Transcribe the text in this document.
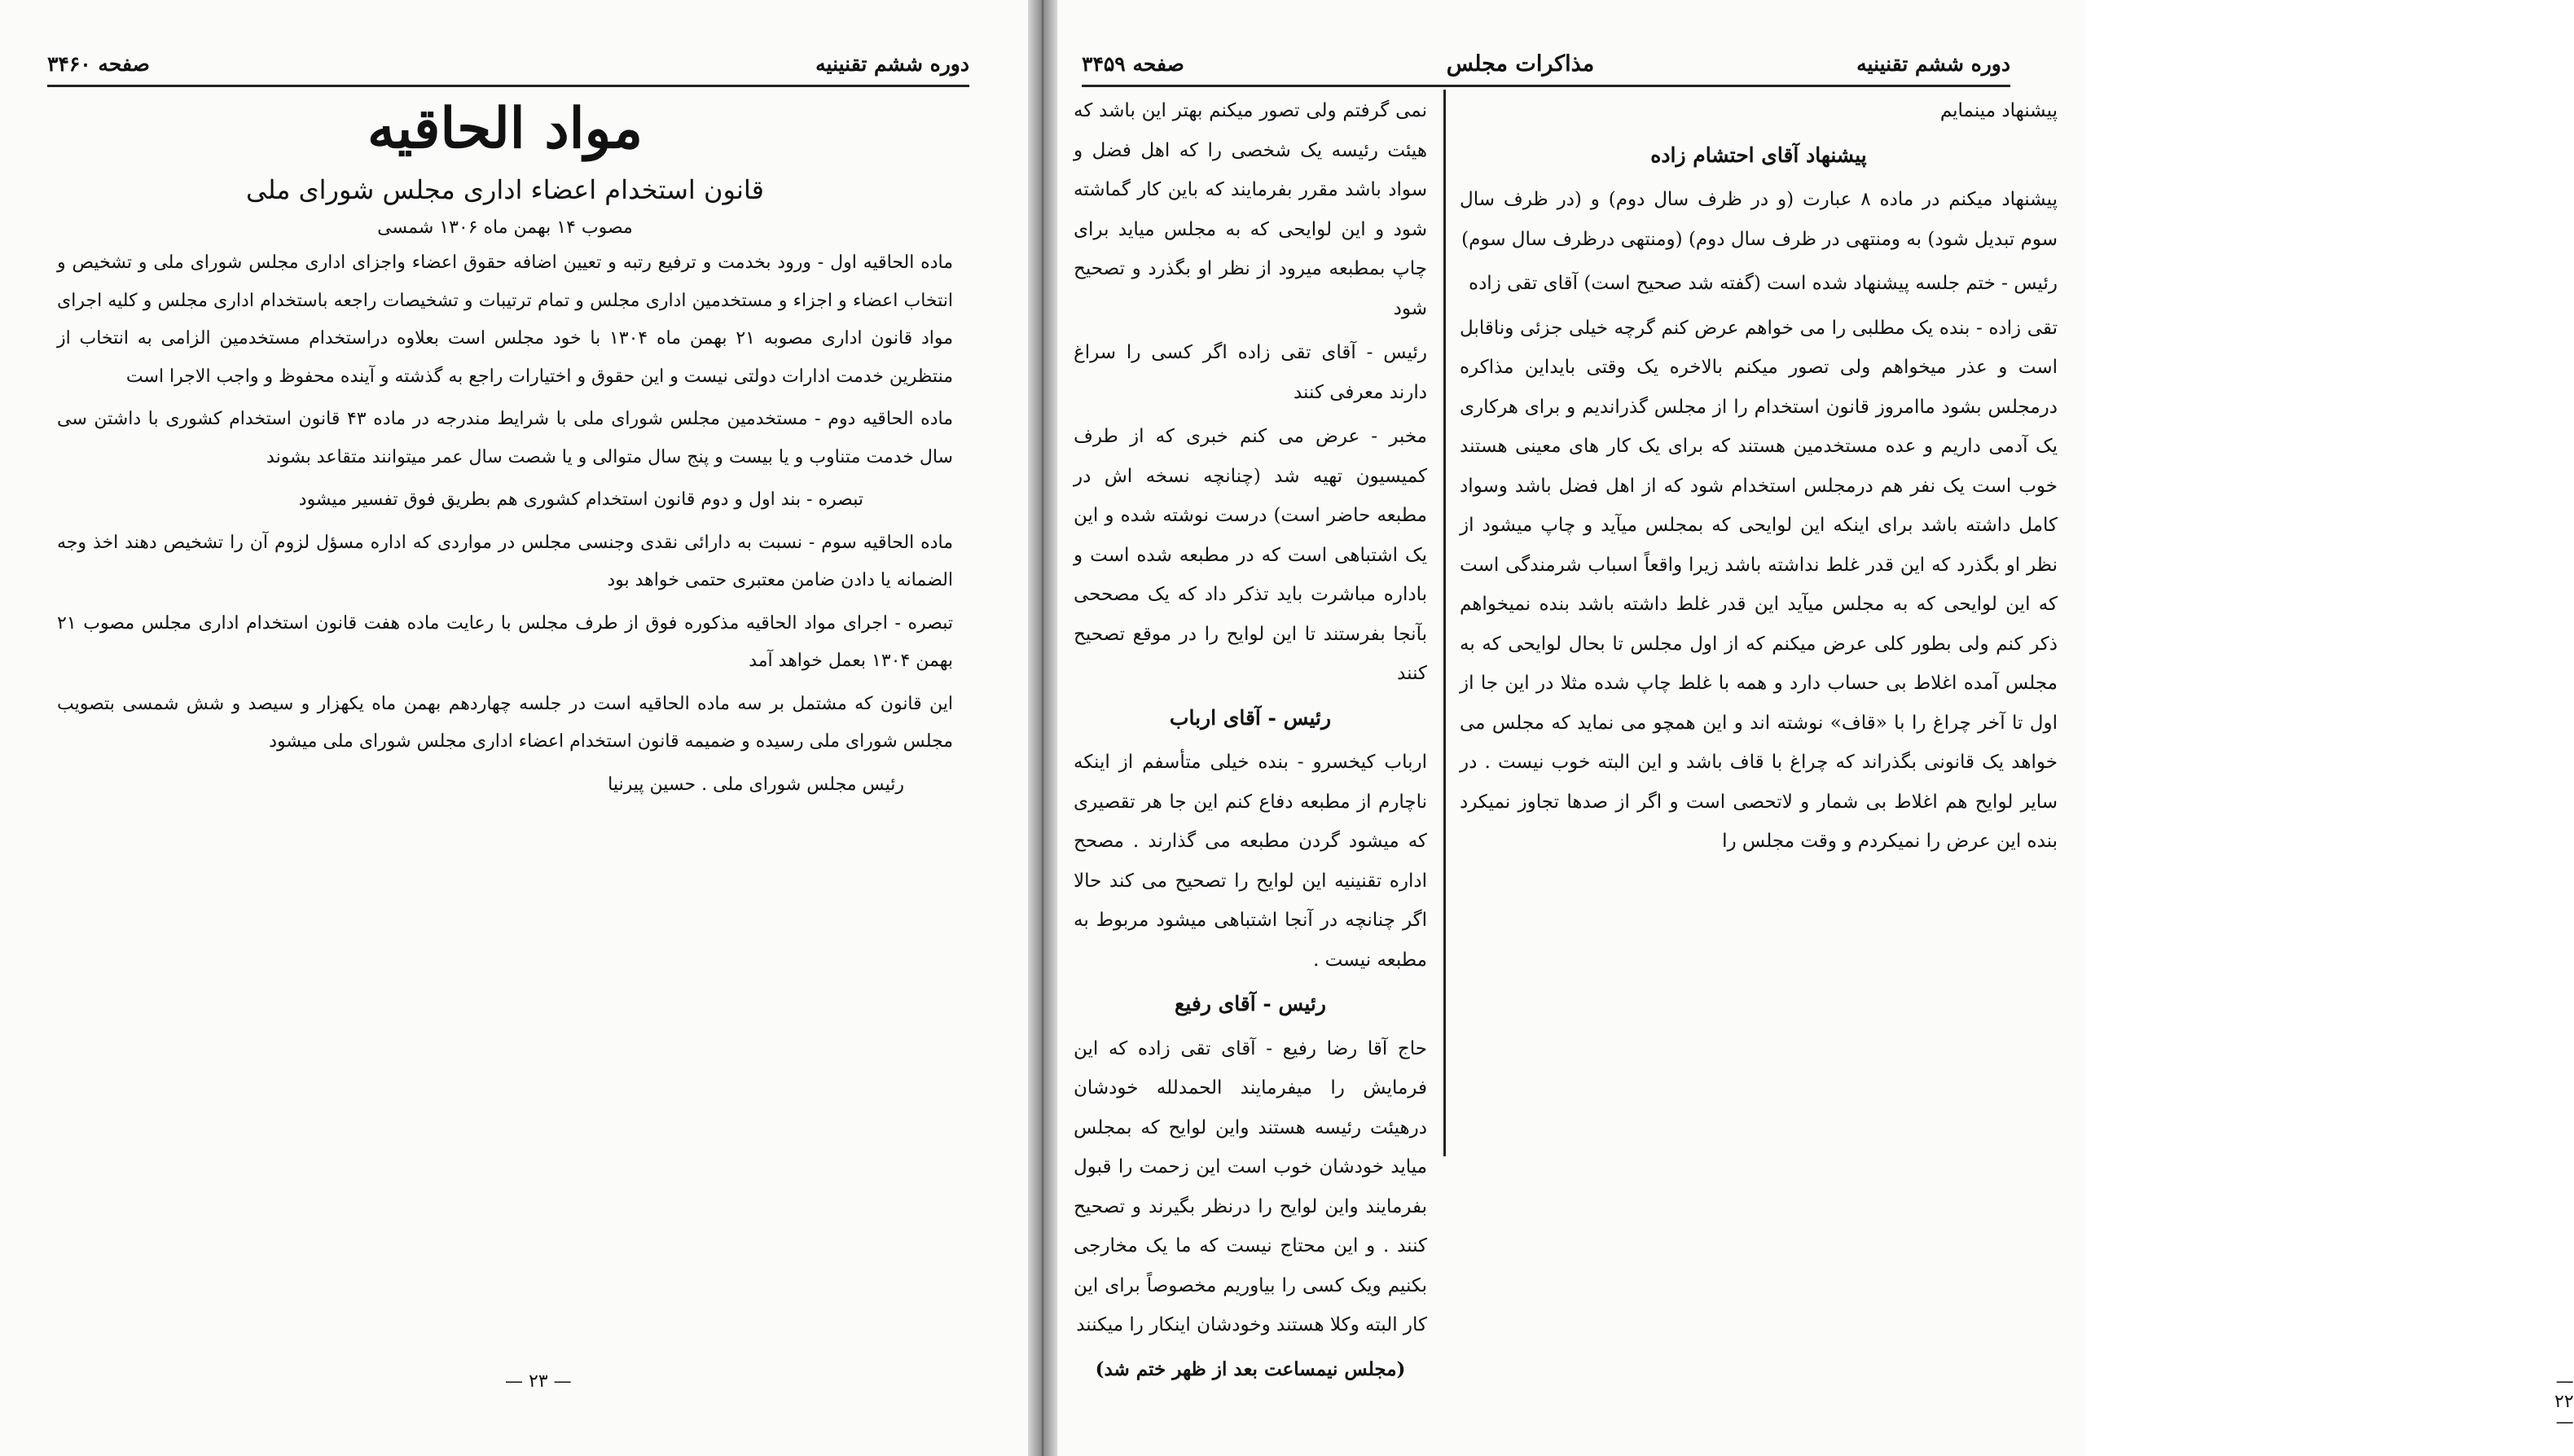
دوره ششم تقنینیه
صفحه ۳۴۶۰
مواد الحاقیه
قانون استخدام اعضاء اداری مجلس شورای ملی
مصوب ۱۴ بهمن ماه ۱۳۰۶ شمسی

ماده الحاقیه اول - ورود بخدمت و ترفیع رتبه و تعیین اضافه حقوق اعضاء واجزای اداری مجلس شورای ملی و تشخیص و انتخاب اعضاء و اجزاء و مستخدمین اداری مجلس و تمام ترتیبات و تشخیصات راجعه باستخدام اداری مجلس و کلیه اجرای مواد قانون اداری مصوبه ۲۱ بهمن ماه ۱۳۰۴ با خود مجلس است بعلاوه دراستخدام مستخدمین الزامی به انتخاب از منتظرین خدمت ادارات دولتی نیست و این حقوق و اختیارات راجع به گذشته و آینده محفوظ و واجب الاجرا است

ماده الحاقیه دوم - مستخدمین مجلس شورای ملی با شرایط مندرجه در ماده ۴۳ قانون استخدام کشوری با داشتن سی سال خدمت متناوب و یا بیست و پنج سال متوالی و یا شصت سال عمر میتوانند متقاعد بشوند

تبصره - بند اول و دوم قانون استخدام کشوری هم بطریق فوق تفسیر میشود

ماده الحاقیه سوم - نسبت به دارائی نقدی وجنسی مجلس در مواردی که اداره مسؤل لزوم آن را تشخیص دهند اخذ وجه الضمانه یا دادن ضامن معتبری حتمی خواهد بود

تبصره - اجرای مواد الحاقیه مذکوره فوق از طرف مجلس با رعایت ماده هفت قانون استخدام اداری مجلس مصوب ۲۱ بهمن ۱۳۰۴ بعمل خواهد آمد

این قانون که مشتمل بر سه ماده الحاقیه است در جلسه چهاردهم بهمن ماه یکهزار و سیصد و شش شمسی بتصویب مجلس شورای ملی رسیده و ضمیمه قانون استخدام اعضاء اداری مجلس شورای ملی میشود

رئیس مجلس شورای ملی . حسین پیرنیا

— ۲۳ —
دوره ششم تقنینیه
مذاکرات مجلس
صفحه ۳۴۵۹
— ۲۲ —

پیشنهاد مینمایم

پیشنهاد آقای احتشام زاده

پیشنهاد میکنم در ماده ۸ عبارت (و در ظرف سال دوم) و (در ظرف سال سوم تبدیل شود) به ومنتهی در ظرف سال دوم) (ومنتهی درظرف سال سوم)

رئیس - ختم جلسه پیشنهاد شده است (گفته شد صحیح است) آقای تقی زاده

تقی زاده - بنده یک مطلبی را می خواهم عرض کنم گرچه خیلی جزئی وناقابل است و عذر میخواهم ولی تصور میکنم بالاخره یک وقتی بایداین مذاکره درمجلس بشود ماامروز قانون استخدام را از مجلس گذراندیم و برای هرکاری یک آدمی داریم و عده مستخدمین هستند که برای یک کار های معینی هستند خوب است یک نفر هم درمجلس استخدام شود که از اهل فضل باشد وسواد کامل داشته باشد برای اینکه این لوایحی که بمجلس میآید و چاپ میشود از نظر او بگذرد که این قدر غلط نداشته باشد زیرا واقعاً اسباب شرمندگی است که این لوایحی که به مجلس میآید این قدر غلط داشته باشد بنده نمیخواهم ذکر کنم ولی بطور کلی عرض میکنم که از اول مجلس تا بحال لوایحی که به مجلس آمده اغلاط بی حساب دارد و همه با غلط چاپ شده مثلا در این جا از اول تا آخر چراغ را با «قاف» نوشته اند و این همچو می نماید که مجلس می خواهد یک قانونی بگذراند که چراغ با قاف باشد و این البته خوب نیست . در سایر لوایح هم اغلاط بی شمار و لاتحصی است و اگر از صدها تجاوز نمیکرد بنده این عرض را نمیکردم و وقت مجلس را

نمی گرفتم ولی تصور میکنم بهتر این باشد که هیئت رئیسه یک شخصی را که اهل فضل و سواد باشد مقرر بفرمایند که باین کار گماشته شود و این لوایحی که به مجلس میاید برای چاپ بمطبعه میرود از نظر او بگذرد و تصحیح شود

رئیس - آقای تقی زاده اگر کسی را سراغ دارند معرفی کنند

مخبر - عرض می کنم خبری که از طرف کمیسیون تهیه شد (چنانچه نسخه اش در مطبعه حاضر است) درست نوشته شده و این یک اشتباهی است که در مطبعه شده است و باداره مباشرت باید تذکر داد که یک مصححی بآنجا بفرستند تا این لوایح را در موقع تصحیح کنند

رئیس - آقای ارباب

ارباب کیخسرو - بنده خیلی متأسفم از اینکه ناچارم از مطبعه دفاع کنم این جا هر تقصیری که میشود گردن مطبعه می گذارند . مصحح اداره تقنینیه این لوایح را تصحیح می کند حالا اگر چنانچه در آنجا اشتباهی میشود مربوط به مطبعه نیست .

رئیس - آقای رفیع

حاج آقا رضا رفیع - آقای تقی زاده که این فرمایش را میفرمایند الحمدلله خودشان درهیئت رئیسه هستند واین لوایح که بمجلس میاید خودشان خوب است این زحمت را قبول بفرمایند واین لوایح را درنظر بگیرند و تصحیح کنند . و این محتاج نیست که ما یک مخارجی بکنیم ویک کسی را بیاوریم مخصوصاً برای این کار البته وکلا هستند وخودشان اینکار را میکنند

(مجلس نیمساعت بعد از ظهر ختم شد)
